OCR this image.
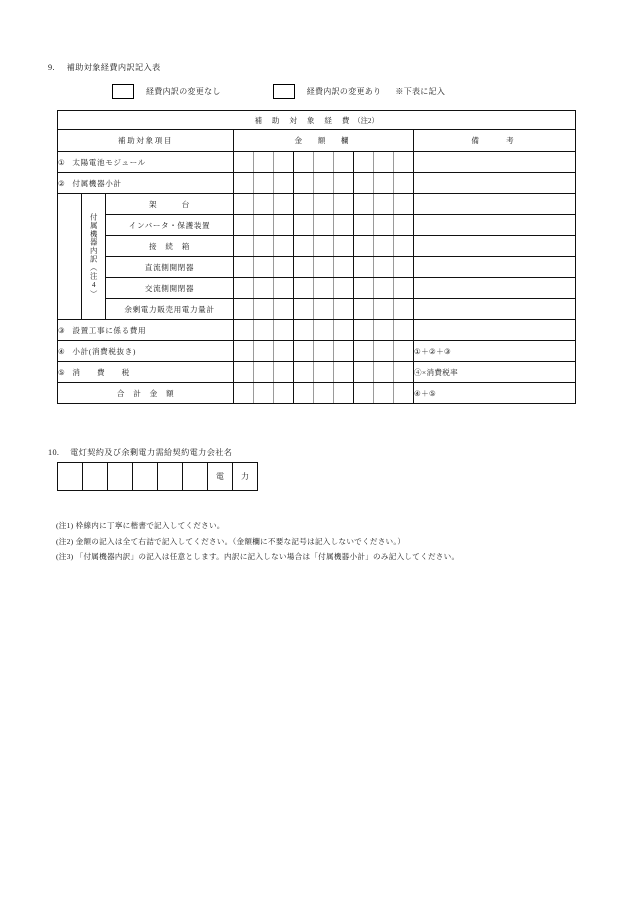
9. 補助対象経費内訳記入表
経費内訳の変更なし	経費内訳の変更あり ※下表に記入
補 助 対 象 経 費（注2）												
補助対象項目			金　額　欄									備　　考
① 太陽電池モジュール												
② 付属機器小計												
	付属機器内訳（注4）	架　　　台										
		インバータ・保護装置										
		接　続　箱										
		直流側開閉器										
		交流側開閉器										
		余剰電力販売用電力量計										
③ 設置工事に係る費用												
④ 小計(消費税抜き)												①＋②＋③
⑤ 消　　費　　税												④×消費税率
合　計　金　額												④＋⑤
10. 電灯契約及び余剰電力需給契約電力会社名
						電	力
(注1) 枠線内に丁寧に楷書で記入してください。
(注2) 金額の記入は全て右詰で記入してください。（金額欄に不要な記号は記入しないでください。）
(注3) 「付属機器内訳」の記入は任意とします。内訳に記入しない場合は「付属機器小計」のみ記入してください。
